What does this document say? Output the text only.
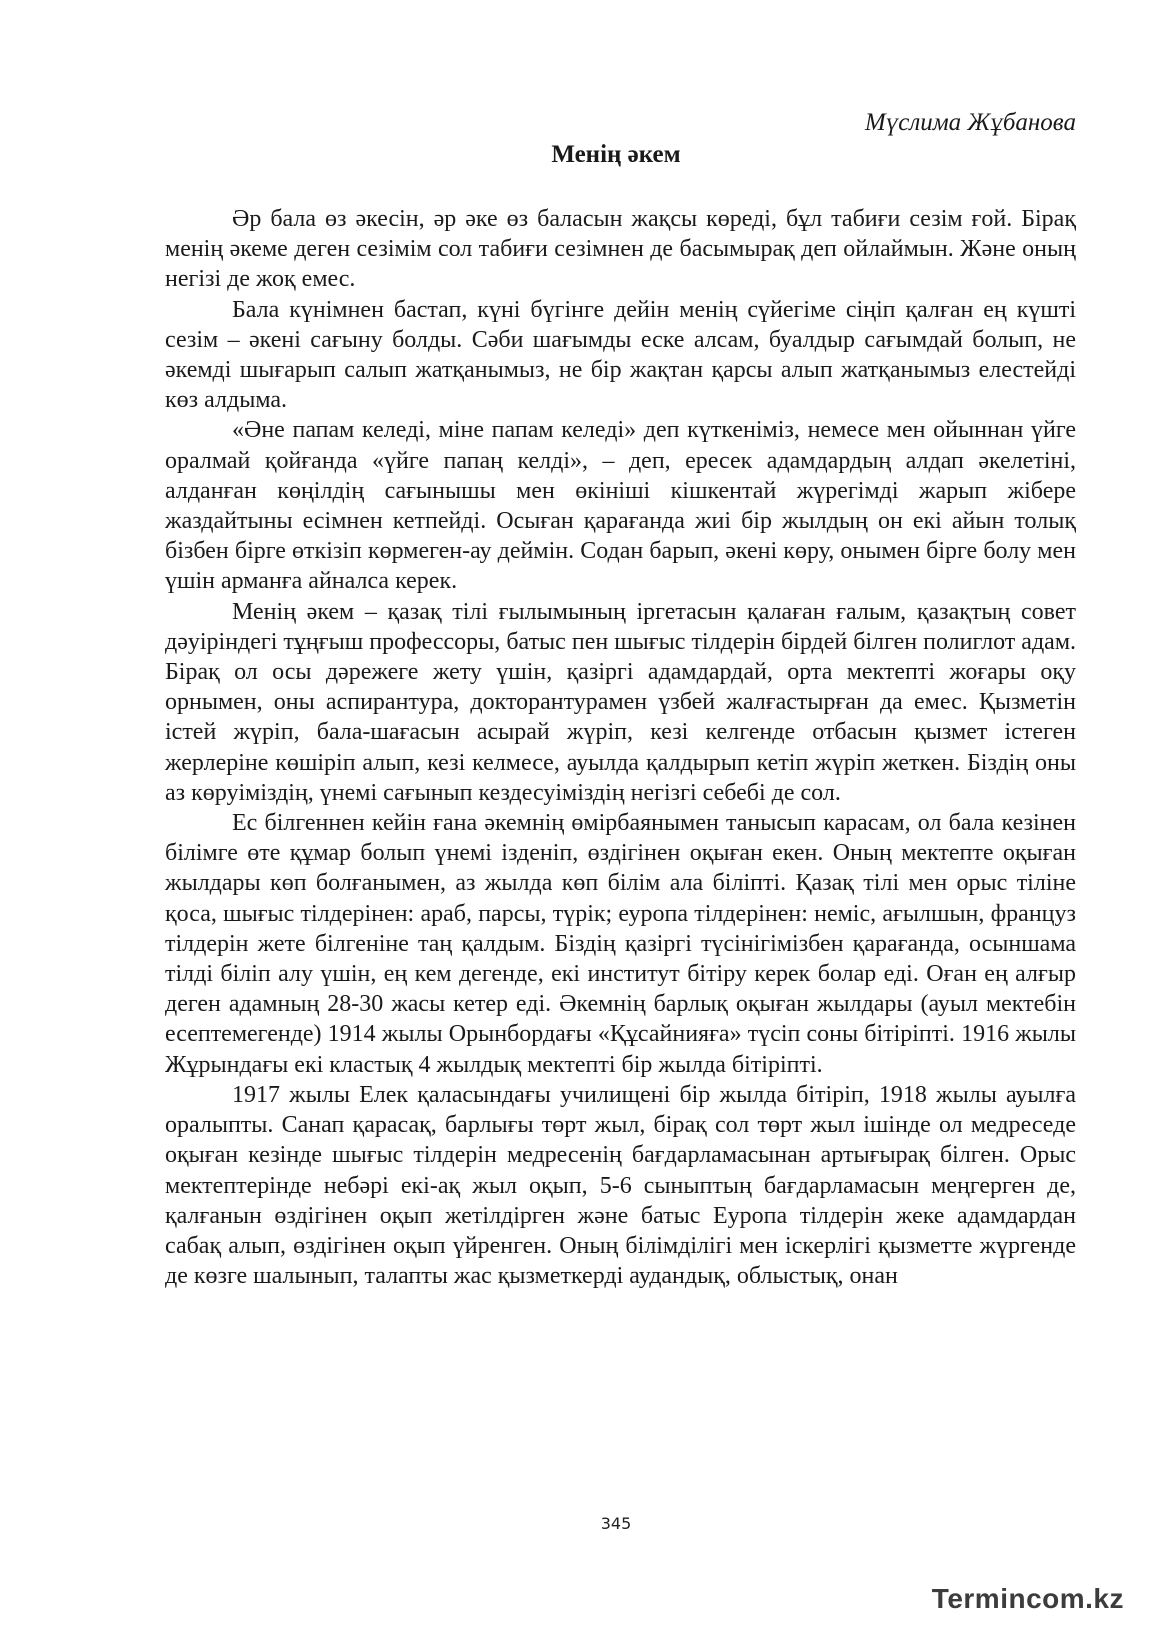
Мүслима Жұбанова
Менің әкем

Әр бала өз әкесін, әр әке өз баласын жақсы көреді, бұл табиғи сезім ғой. Бірақ менің әкеме деген сезімім сол табиғи сезімнен де басымырақ деп ойлаймын. Және оның негізі де жоқ емес.

Бала күнімнен бастап, күні бүгінге дейін менің сүйегіме сіңіп қалған ең күшті сезім – әкені сағыну болды. Сәби шағымды еске алсам, буалдыр сағымдай болып, не әкемді шығарып салып жатқанымыз, не бір жақтан қарсы алып жатқанымыз елестейді көз алдыма.

«Әне папам келеді, міне папам келеді» деп күткеніміз, немесе мен ойыннан үйге оралмай қойғанда «үйге папаң келді», – деп, ересек адамдардың алдап әкелетіні, алданған көңілдің сағынышы мен өкініші кішкентай жүрегімді жарып жібере жаздайтыны есімнен кетпейді. Осыған қарағанда жиі бір жылдың он екі айын толық бізбен бірге өткізіп көрмеген-ау деймін. Содан барып, әкені көру, онымен бірге болу мен үшін арманға айналса керек.

Менің әкем – қазақ тілі ғылымының іргетасын қалаған ғалым, қазақтың совет дәуіріндегі тұңғыш профессоры, батыс пен шығыс тілдерін бірдей білген полиглот адам. Бірақ ол осы дәрежеге жету үшін, қазіргі адамдардай, орта мектепті жоғары оқу орнымен, оны аспирантура, докторантурамен үзбей жалғастырған да емес. Қызметін істей жүріп, бала-шағасын асырай жүріп, кезі келгенде отбасын қызмет істеген жерлеріне көшіріп алып, кезі келмесе, ауылда қалдырып кетіп жүріп жеткен. Біздің оны аз көруіміздің, үнемі сағынып кездесуіміздің негізгі себебі де сол.

Ес білгеннен кейін ғана әкемнің өмірбаянымен танысып карасам, ол бала кезінен білімге өте құмар болып үнемі ізденіп, өздігінен оқыған екен. Оның мектепте оқыған жылдары көп болғанымен, аз жылда көп білім ала біліпті. Қазақ тілі мен орыс тіліне қоса, шығыс тілдерінен: араб, парсы, түрік; еуропа тілдерінен: неміс, ағылшын, француз тілдерін жете білгеніне таң қалдым. Біздің қазіргі түсінігімізбен қарағанда, осыншама тілді біліп алу үшін, ең кем дегенде, екі институт бітіру керек болар еді. Оған ең алғыр деген адамның 28-30 жасы кетер еді. Әкемнің барлық оқыған жылдары (ауыл мектебін есептемегенде) 1914 жылы Орынбордағы «Құсайнияға» түсіп соны бітіріпті. 1916 жылы Жұрындағы екі кластық 4 жылдық мектепті бір жылда бітіріпті.

1917 жылы Елек қаласындағы училищені бір жылда бітіріп, 1918 жылы ауылға оралыпты. Санап қарасақ, барлығы төрт жыл, бірақ сол төрт жыл ішінде ол медреседе оқыған кезінде шығыс тілдерін медресенің бағдарламасынан артығырақ білген. Орыс мектептерінде небәрі екі-ақ жыл оқып, 5-6 сыныптың бағдарламасын меңгерген де, қалғанын өздігінен оқып жетілдірген және батыс Еуропа тілдерін жеке адамдардан сабақ алып, өздігінен оқып үйренген. Оның білімділігі мен іскерлігі қызметте жүргенде де көзге шалынып, талапты жас қызметкерді аудандық, облыстық, онан

345
Termincom.kz
